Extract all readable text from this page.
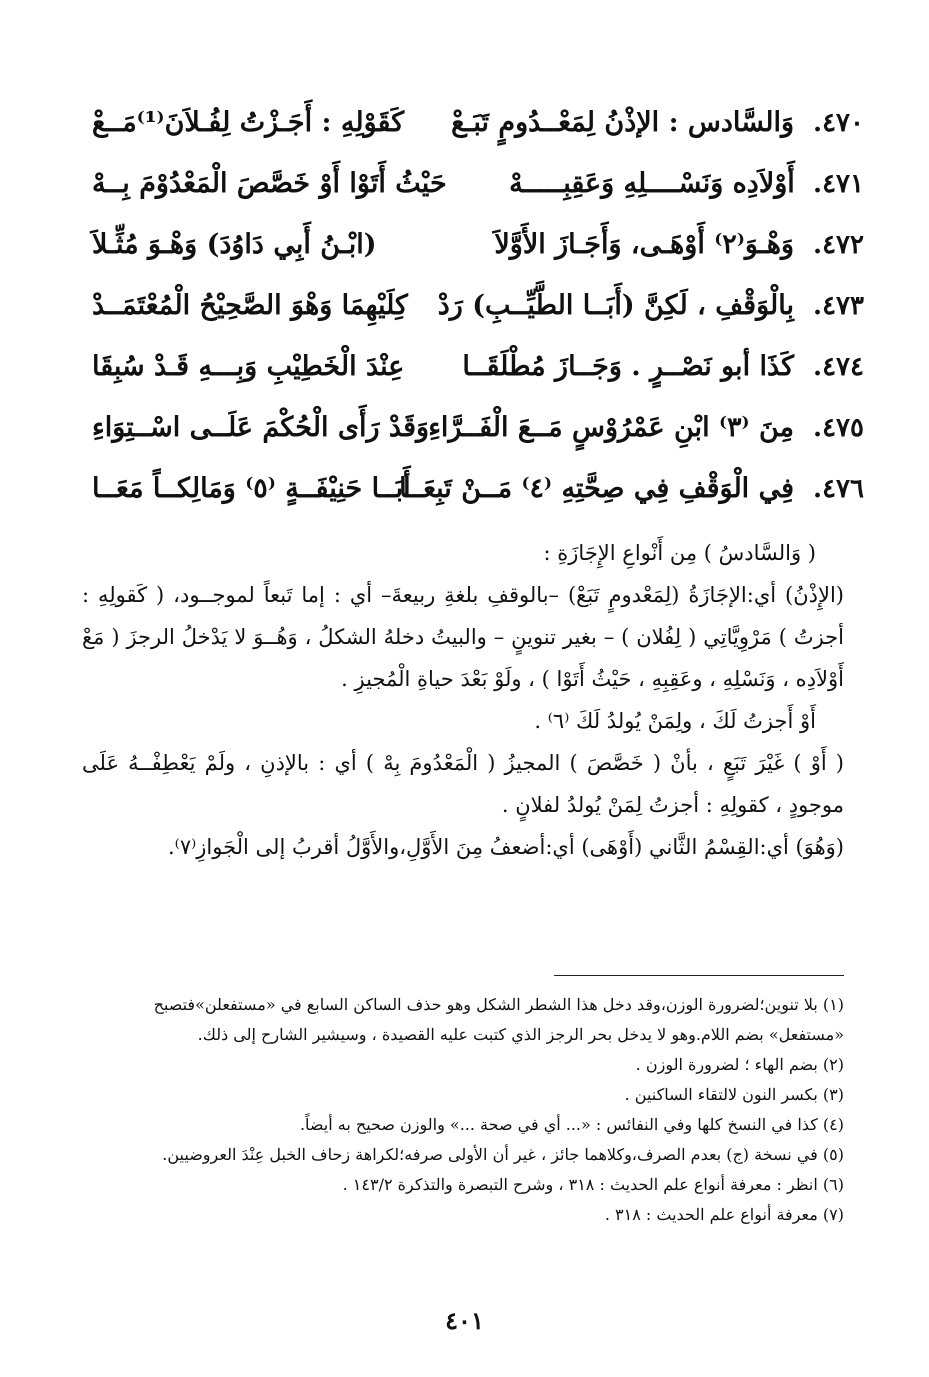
٤٧٠.
وَالسَّادس : الإذْنُ لِمَعْــدُومٍ تَبَـعْ
كَقَوْلِهِ : أَجَـزْتُ لِفُـلاَنَ⁽¹⁾مَــعْ
٤٧١.
أَوْلاَدِه وَنَسْــــلِهِ وَعَقِبِـــــهْ
حَيْثُ أَتَوْا أَوْ خَصَّصَ الْمَعْدُوْمَ بِــهْ
٤٧٢.
وَهْـوَ⁽٢⁾ أَوْهَـى، وَأَجَـازَ الأَوَّلاَ
(ابْـنُ أَبِي دَاوُدَ) وَهْـوَ مُثِّـلاَ
٤٧٣.
بِالْوَقْفِ ، لَكِنَّ (أَبَــا الطَّيِّــبِ) رَدْ
كِلَيْهِمَا وَهْوَ الصَّحِيْحُ الْمُعْتَمَــدْ
٤٧٤.
كَذَا أبو نَصْــرٍ . وَجَــازَ مُطْلَقَــا
عِنْدَ الْخَطِيْبِ وَبِـــهِ قَـدْ سُبِقَا
٤٧٥.
مِنَ ⁽٣⁾ ابْنِ عَمْرُوْسٍ مَــعَ الْفَــرَّاءِ
وَقَدْ رَأَى الْحُكْمَ عَلَــى اسْــتِوَاءِ
٤٧٦.
فِي الْوَقْفِ فِي صِحَّتِهِ ⁽٤⁾ مَــنْ تَبِعَــا
أَبَــا حَنِيْفَــةٍ ⁽٥⁾ وَمَالِكــاً مَعَــا

( وَالسَّادسُ ) مِن أَنْواعِ الإِجَازَةِ :

(الإِذْنُ) أي:الإجَازَةُ (لِمَعْدومٍ تَبَعْ) –بالوقفِ بلغةِ ربيعةَ– أي : إما تَبعاً لموجــود، ( كَقولِهِ : أجزتُ ) مَرْوِيَّاتِي ( لِفُلان ) – بغير تنوينٍ – والبيتُ دخلهُ الشكلُ ، وَهُــوَ لا يَدْخلُ الرجزَ ( مَعْ أَوْلاَدِه ، وَنَسْلِهِ ، وعَقِبِهِ ، حَيْثُ أَتَوْا ) ، ولَوْ بَعْدَ حياةِ الْمُجيزِ .

أَوْ أَجزتُ لَكَ ، ولِمَنْ يُولدُ لَكَ ⁽٦⁾ .

( أَوْ ) غَيْرَ تَبَعٍ ، بأنْ ( خَصَّصَ ) المجيزُ ( الْمَعْدُومَ بِهْ ) أي : بالإذنِ ، ولَمْ يَعْطِفْــهُ عَلَى موجودٍ ، كقولِهِ : أجزتُ لِمَنْ يُولدُ لفلانٍ .

(وَهُوَ) أي:القِسْمُ الثَّاني (أَوْهَى) أي:أضعفُ مِنَ الأَوَّلِ،والأَوَّلُ أقربُ إلى الْجَوازِ⁽٧⁾.

(١) بلا تنوين؛لضرورة الوزن،وقد دخل هذا الشطر الشكل وهو حذف الساكن السابع في «مستفعلن»فتصبح «مستفعل» بضم اللام.وهو لا يدخل بحر الرجز الذي كتبت عليه القصيدة ، وسيشير الشارح إلى ذلك.

(٢) بضم الهاء ؛ لضرورة الوزن .

(٣) بكسر النون لالتقاء الساكنين .

(٤) كذا في النسخ كلها وفي النفائس : «... أي في صحة ...» والوزن صحيح به أيضاً.

(٥) في نسخة (ج) بعدم الصرف،وكلاهما جائز ، غير أن الأولى صرفه؛لكراهة زحاف الخبل عِنْدَ العروضيين.

(٦) انظر : معرفة أنواع علم الحديث : ٣١٨ ، وشرح التبصرة والتذكرة ١٤٣/٢ .

(٧) معرفة أنواع علم الحديث : ٣١٨ .

٤٠١
